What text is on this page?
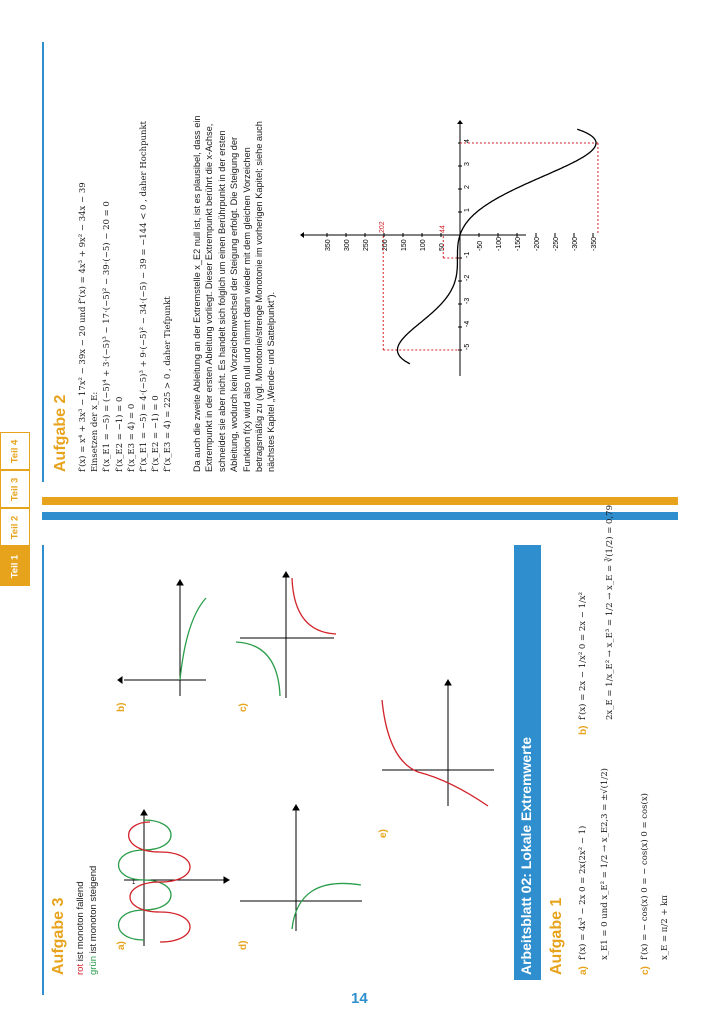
14
Teil 1
Teil 2
Teil 3
Teil 4
Arbeitsblatt 02: Lokale Extremwerte
Aufgabe 3 rot ist monoton fallend
grün ist monoton steigend a)
b)	c)
d)
e)
1
Aufgabe 1 a)
f′(x) = 4x³ − 2x 0 = 2x(2x² − 1) x_E1 = 0 und x_E² = 1/2 → x_E2,3 = ±√(1/2)
b)
f′(x) = 2x − 1/x² 0 = 2x − 1/x² 2x_E = 1/x_E² → x_E³ = 1/2 → x_E = ∛(1/2) = 0,79
c)
f′(x) = − cos(x) 0 = − cos(x) 0 = cos(x) x_E = π/2 + kπ
Aufgabe 2
-5
-4
-3
-2
-1
1
2
3
4
350 300 250 200 150 100 50	-50 -100 -150 -200 -250 -300 -350
202	44
f′(x) = x⁴ + 3x³ − 17x² − 39x − 20 und f″(x) = 4x³ + 9x² − 34x − 39 Einsetzen der x_E: f′(x_E1 = −5) = (−5)⁴ + 3·(−5)³ − 17·(−5)² − 39·(−5) − 20 = 0 f′(x_E2 = −1) = 0 f′(x_E3 = 4) = 0 f″(x_E1 = −5) = 4·(−5)³ + 9·(−5)² − 34·(−5) − 39 = −144 < 0 , daher Hochpunkt f″(x_E2 = −1) = 0 f″(x_E3 = 4) = 225 > 0 , daher Tiefpunkt Da auch die zweite Ableitung an der Extremstelle x_E2 null ist, ist es plausibel, dass ein Extrempunkt in der ersten Ableitung vorliegt. Dieser Extrempunkt berührt die x-Achse, schneidet sie aber nicht. Es handelt sich folglich um einen Berührpunkt in der ersten Ableitung, wodurch kein Vorzeichenwechsel der Steigung erfolgt. Die Steigung der Funktion f(x) wird also null und nimmt dann wieder mit dem gleichen Vorzeichen betragsmäßig zu (vgl. Monotonie/strenge Monotonie im vorherigen Kapitel; siehe auch nächstes Kapitel „Wende- und Sattelpunkt“).
